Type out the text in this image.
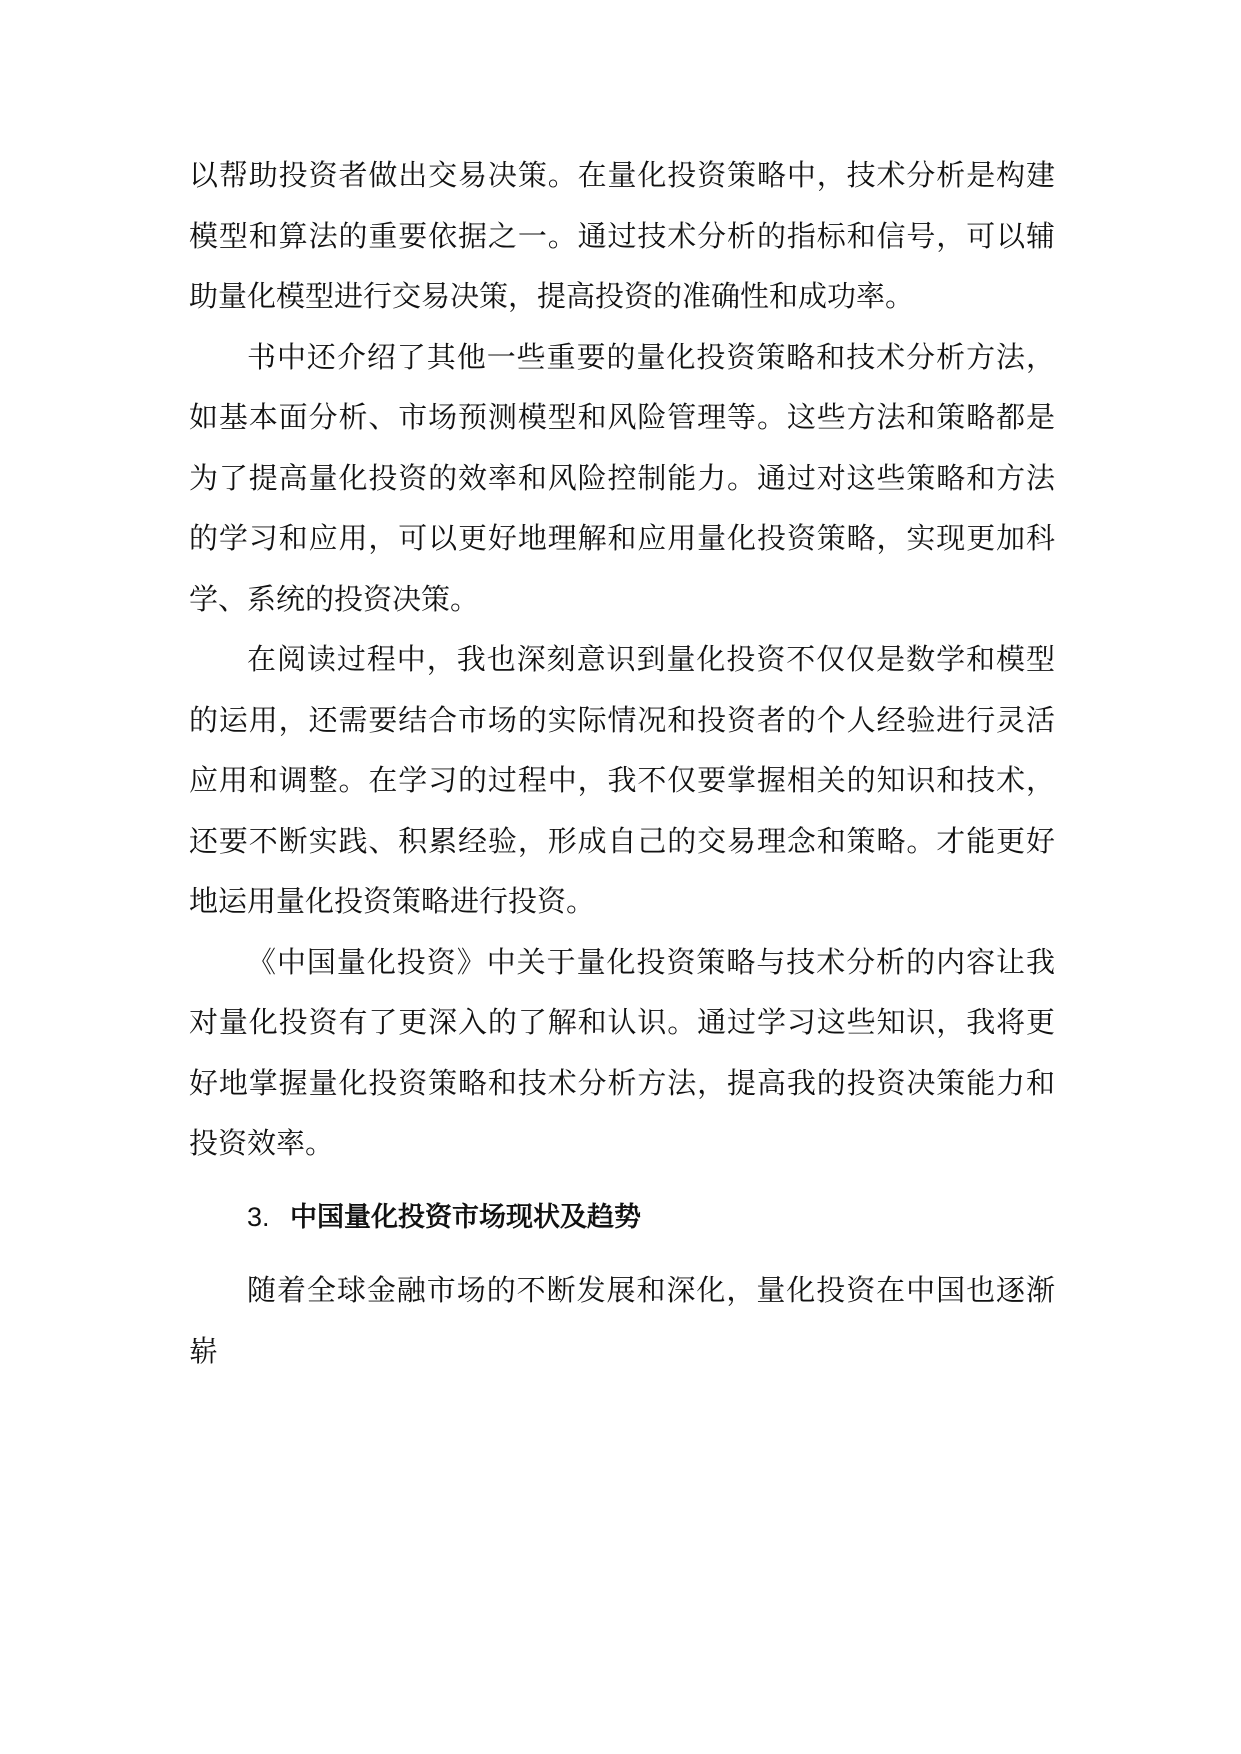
以帮助投资者做出交易决策。在量化投资策略中，技术分析是构建模型和算法的重要依据之一。通过技术分析的指标和信号，可以辅助量化模型进行交易决策，提高投资的准确性和成功率。

书中还介绍了其他一些重要的量化投资策略和技术分析方法，如基本面分析、市场预测模型和风险管理等。这些方法和策略都是为了提高量化投资的效率和风险控制能力。通过对这些策略和方法的学习和应用，可以更好地理解和应用量化投资策略，实现更加科学、系统的投资决策。

在阅读过程中，我也深刻意识到量化投资不仅仅是数学和模型的运用，还需要结合市场的实际情况和投资者的个人经验进行灵活应用和调整。在学习的过程中，我不仅要掌握相关的知识和技术，还要不断实践、积累经验，形成自己的交易理念和策略。才能更好地运用量化投资策略进行投资。

《中国量化投资》中关于量化投资策略与技术分析的内容让我对量化投资有了更深入的了解和认识。通过学习这些知识，我将更好地掌握量化投资策略和技术分析方法，提高我的投资决策能力和投资效率。

3. 中国量化投资市场现状及趋势

随着全球金融市场的不断发展和深化，量化投资在中国也逐渐崭
